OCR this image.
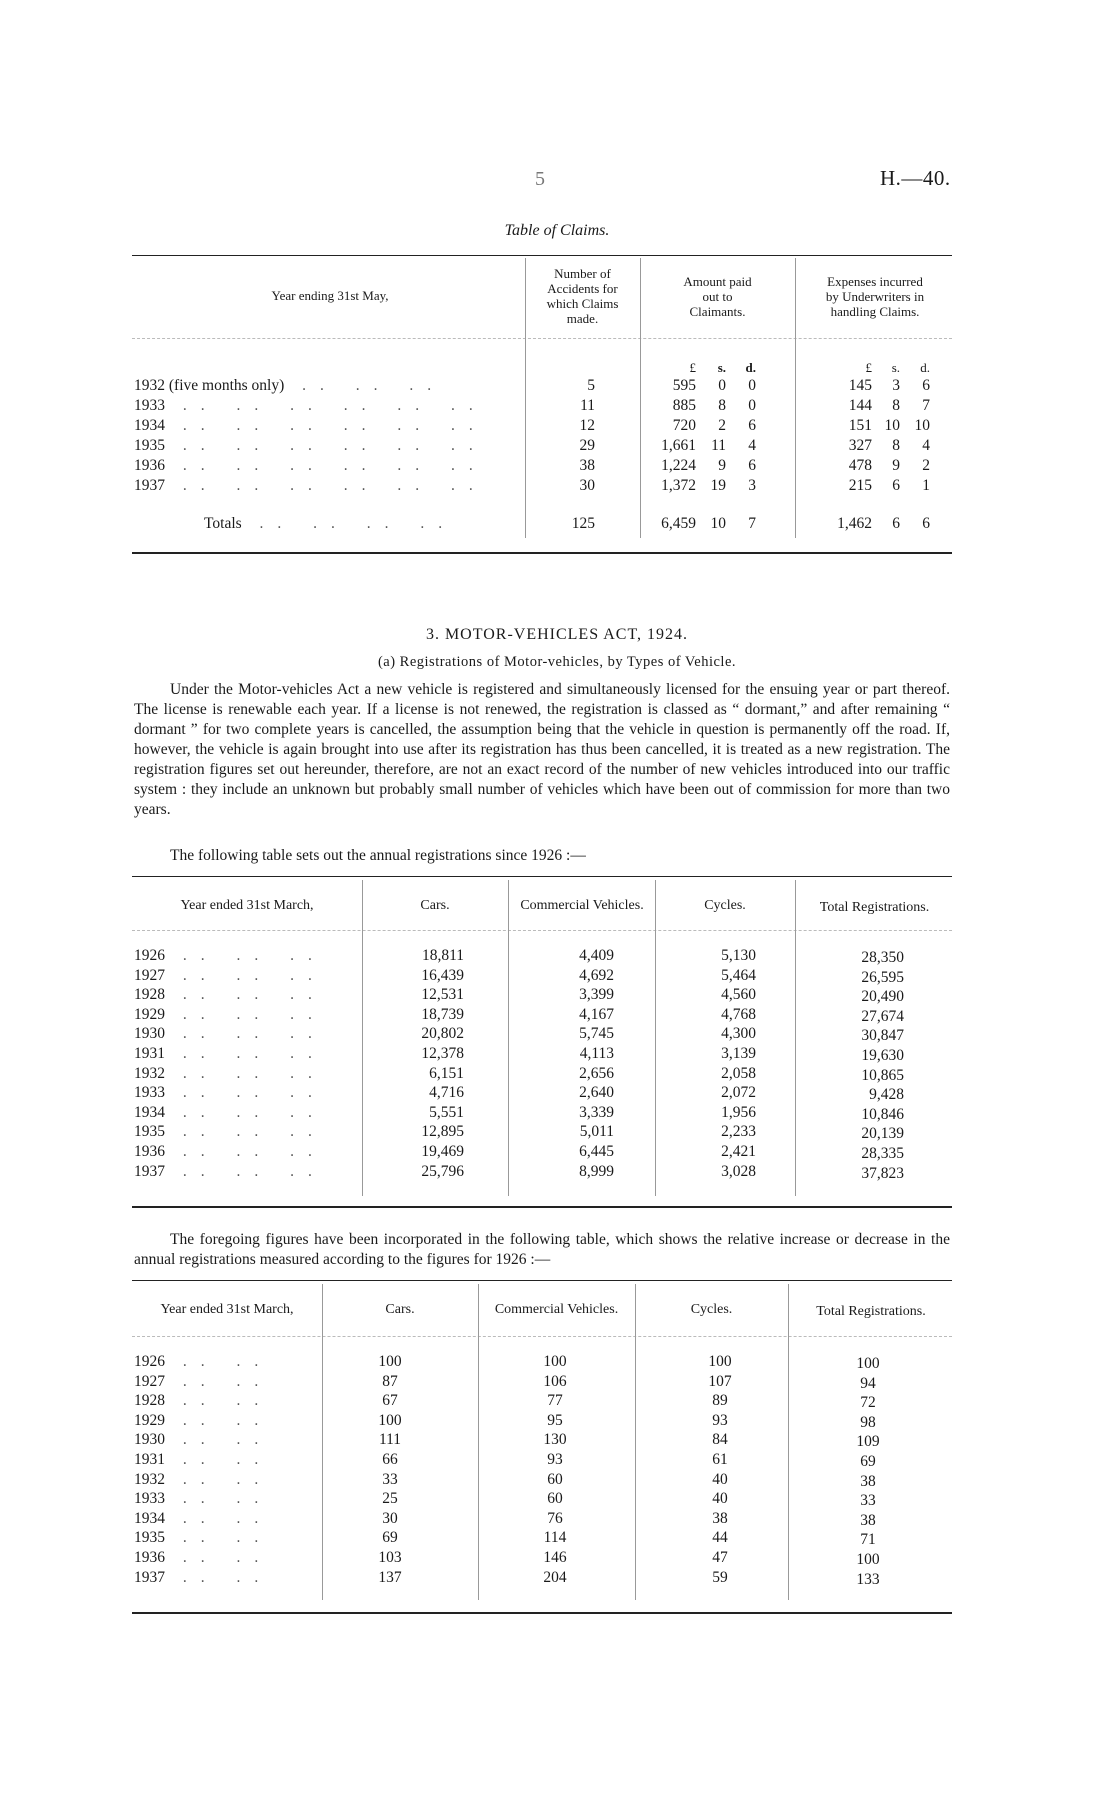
5	H.—40.
Table of Claims.
Year ending 31st May,
Number of
Accidents for
which Claims
made.
Amount paid
out to
Claimants.
Expenses incurred
by Underwriters in
handling Claims.
£	s.	d.	£	s.	d.
1932 (five months only) .. .. ..	5	595	0	0	145	3	6
1933 .. .. .. .. .. ..	11	885	8	0	144	8	7
1934 .. .. .. .. .. ..	12	720	2	6	151 10 10
1935 .. .. .. .. .. ..	29	1,661 11	4	327	8	4
1936 .. .. .. .. .. ..	38	1,224	9	6	478	9	2
1937 .. .. .. .. .. ..	30	1,372 19	3	215	6	1
Totals .. .. .. ..	125	6,459 10	7	1,462	6	6
3. MOTOR-VEHICLES ACT, 1924.
(a) Registrations of Motor-vehicles, by Types of Vehicle.
Under the Motor-vehicles Act a new vehicle is registered and simultaneously licensed for the ensuing year or part thereof. The license is renewable each year. If a license is not renewed, the registration is classed as “ dormant,” and after remaining “ dormant ” for two complete years is cancelled, the assumption being that the vehicle in question is permanently off the road. If, however, the vehicle is again brought into use after its registration has thus been cancelled, it is treated as a new registration. The registration figures set out hereunder, therefore, are not an exact record of the number of new vehicles introduced into our traffic system : they include an unknown but probably small number of vehicles which have been out of commission for more than two years.
The following table sets out the annual registrations since 1926 :—
Year ended 31st March,	Cars.	Commercial Vehicles.	Cycles.	Total Registrations.
1926 .. .. ..	18,811	4,409	5,130	28,350
1927 .. .. ..	16,439	4,692	5,464	26,595
1928 .. .. ..	12,531	3,399	4,560	20,490
1929 .. .. ..	18,739	4,167	4,768	27,674
1930 .. .. ..	20,802	5,745	4,300	30,847
1931 .. .. ..	12,378	4,113	3,139	19,630
1932 .. .. ..	6,151	2,656	2,058	10,865
1933 .. .. ..	4,716	2,640	2,072	9,428
1934 .. .. ..	5,551	3,339	1,956	10,846
1935 .. .. ..	12,895	5,011	2,233	20,139
1936 .. .. ..	19,469	6,445	2,421	28,335
1937 .. .. ..	25,796	8,999	3,028	37,823
The foregoing figures have been incorporated in the following table, which shows the relative increase or decrease in the annual registrations measured according to the figures for 1926 :—
Year ended 31st March,	Cars.	Commercial Vehicles.	Cycles.	Total Registrations.
1926 .. ..	100	100	100	100
1927 .. ..	87	106	107	94
1928 .. ..	67	77	89	72
1929 .. ..	100	95	93	98
1930 .. ..	111	130	84	109
1931 .. ..	66	93	61	69
1932 .. ..	33	60	40	38
1933 .. ..	25	60	40	33
1934 .. ..	30	76	38	38
1935 .. ..	69	114	44	71
1936 .. ..	103	146	47	100
1937 .. ..	137	204	59	133
